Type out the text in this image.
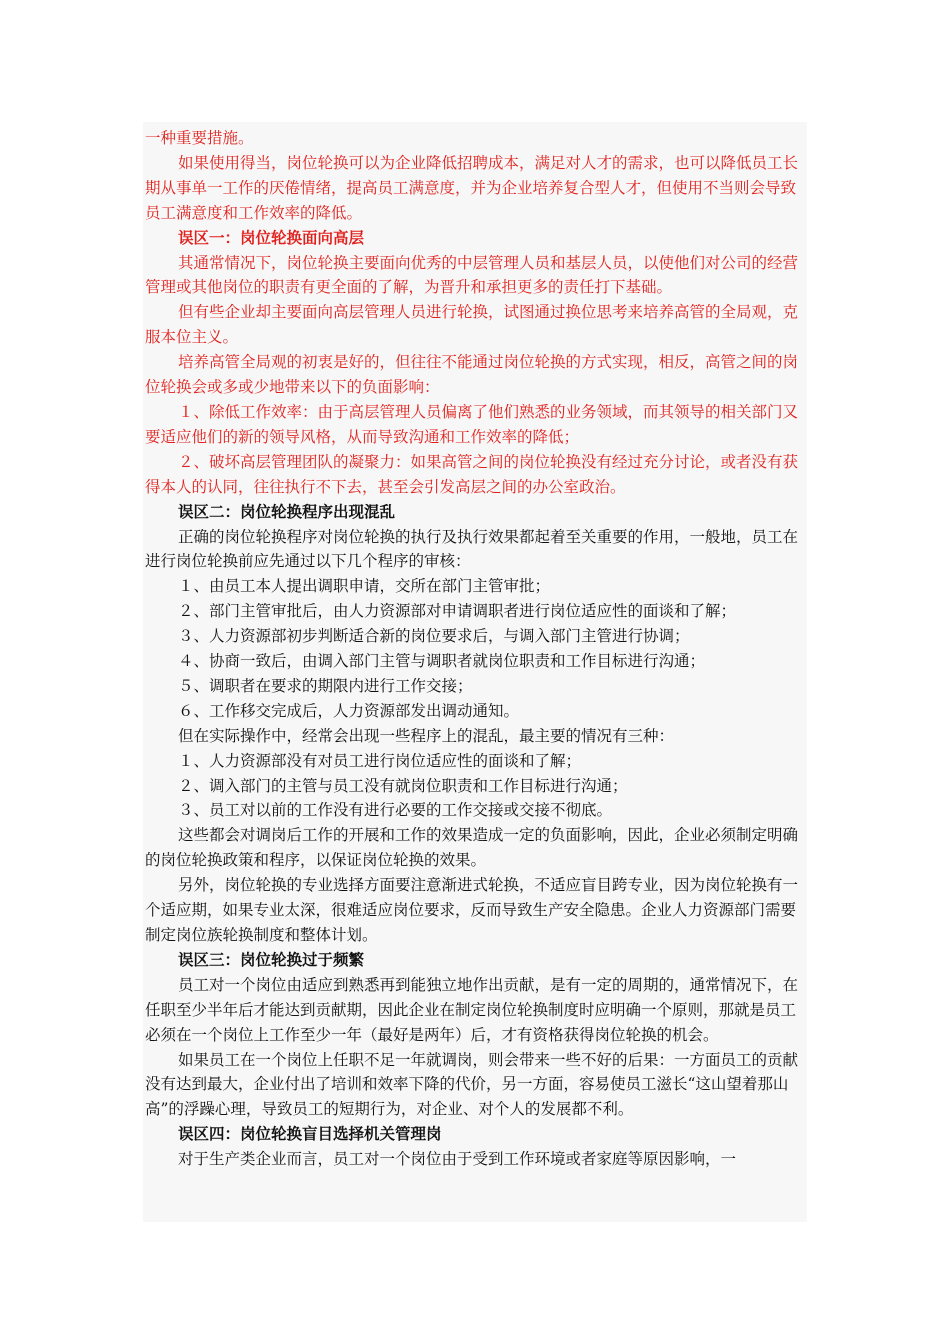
一种重要措施。

如果使用得当，岗位轮换可以为企业降低招聘成本，满足对人才的需求，也可以降低员工长期从事单一工作的厌倦情绪，提高员工满意度，并为企业培养复合型人才，但使用不当则会导致员工满意度和工作效率的降低。

误区一：岗位轮换面向高层

其通常情况下，岗位轮换主要面向优秀的中层管理人员和基层人员，以使他们对公司的经营管理或其他岗位的职责有更全面的了解，为晋升和承担更多的责任打下基础。

但有些企业却主要面向高层管理人员进行轮换，试图通过换位思考来培养高管的全局观，克服本位主义。

培养高管全局观的初衷是好的，但往往不能通过岗位轮换的方式实现，相反，高管之间的岗位轮换会或多或少地带来以下的负面影响：

１、除低工作效率：由于高层管理人员偏离了他们熟悉的业务领域，而其领导的相关部门又要适应他们的新的领导风格，从而导致沟通和工作效率的降低；

２、破坏高层管理团队的凝聚力：如果高管之间的岗位轮换没有经过充分讨论，或者没有获得本人的认同，往往执行不下去，甚至会引发高层之间的办公室政治。

误区二：岗位轮换程序出现混乱

正确的岗位轮换程序对岗位轮换的执行及执行效果都起着至关重要的作用，一般地，员工在进行岗位轮换前应先通过以下几个程序的审核：

１、由员工本人提出调职申请，交所在部门主管审批；

２、部门主管审批后，由人力资源部对申请调职者进行岗位适应性的面谈和了解；

３、人力资源部初步判断适合新的岗位要求后，与调入部门主管进行协调；

４、协商一致后，由调入部门主管与调职者就岗位职责和工作目标进行沟通；

５、调职者在要求的期限内进行工作交接；

６、工作移交完成后，人力资源部发出调动通知。

但在实际操作中，经常会出现一些程序上的混乱，最主要的情况有三种：

１、人力资源部没有对员工进行岗位适应性的面谈和了解；

２、调入部门的主管与员工没有就岗位职责和工作目标进行沟通；

３、员工对以前的工作没有进行必要的工作交接或交接不彻底。

这些都会对调岗后工作的开展和工作的效果造成一定的负面影响，因此，企业必须制定明确的岗位轮换政策和程序，以保证岗位轮换的效果。

另外，岗位轮换的专业选择方面要注意渐进式轮换，不适应盲目跨专业，因为岗位轮换有一个适应期，如果专业太深，很难适应岗位要求，反而导致生产安全隐患。企业人力资源部门需要制定岗位族轮换制度和整体计划。

误区三：岗位轮换过于频繁

员工对一个岗位由适应到熟悉再到能独立地作出贡献，是有一定的周期的，通常情况下，在任职至少半年后才能达到贡献期，因此企业在制定岗位轮换制度时应明确一个原则，那就是员工必须在一个岗位上工作至少一年（最好是两年）后，才有资格获得岗位轮换的机会。

如果员工在一个岗位上任职不足一年就调岗，则会带来一些不好的后果：一方面员工的贡献没有达到最大，企业付出了培训和效率下降的代价，另一方面，容易使员工滋长“这山望着那山高”的浮躁心理，导致员工的短期行为，对企业、对个人的发展都不利。

误区四：岗位轮换盲目选择机关管理岗

对于生产类企业而言，员工对一个岗位由于受到工作环境或者家庭等原因影响，一
